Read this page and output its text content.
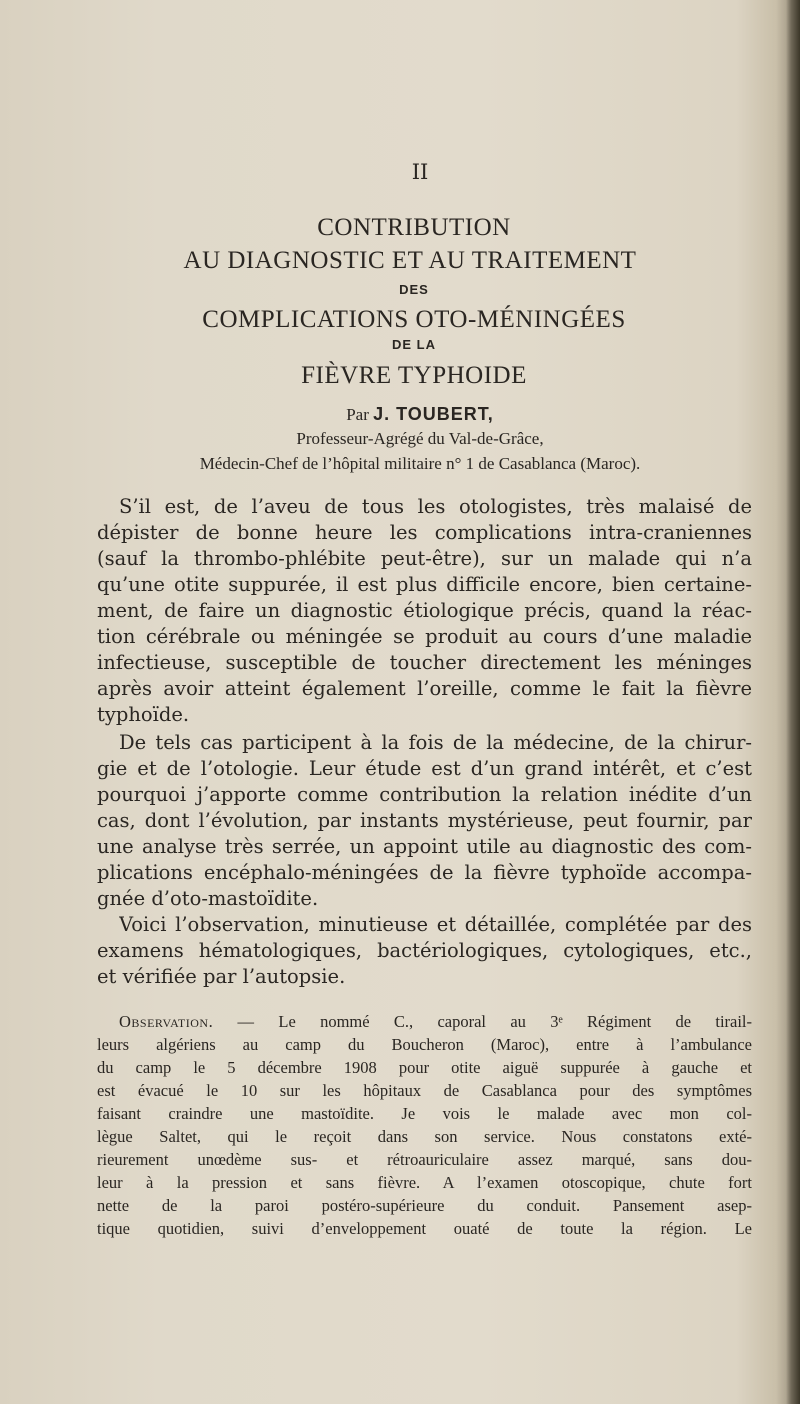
II
CONTRIBUTION
AU DIAGNOSTIC ET AU TRAITEMENT
DES
COMPLICATIONS OTO-MÉNINGÉES
DE LA
FIÈVRE TYPHOIDE
Par J. TOUBERT,
Professeur-Agrégé du Val-de-Grâce,
Médecin-Chef de l’hôpital militaire n° 1 de Casablanca (Maroc).
S’il est, de l’aveu de tous les otologistes, très malaisé de
dépister de bonne heure les complications intra-craniennes
(sauf la thrombo-phlébite peut-être), sur un malade qui n’a
qu’une otite suppurée, il est plus difficile encore, bien certaine-
ment, de faire un diagnostic étiologique précis, quand la réac-
tion cérébrale ou méningée se produit au cours d’une maladie
infectieuse, susceptible de toucher directement les méninges
après avoir atteint également l’oreille, comme le fait la fièvre
typhoïde.
De tels cas participent à la fois de la médecine, de la chirur-
gie et de l’otologie. Leur étude est d’un grand intérêt, et c’est
pourquoi j’apporte comme contribution la relation inédite d’un
cas, dont l’évolution, par instants mystérieuse, peut fournir, par
une analyse très serrée, un appoint utile au diagnostic des com-
plications encéphalo-méningées de la fièvre typhoïde accompa-
gnée d’oto-mastoïdite.
Voici l’observation, minutieuse et détaillée, complétée par des
examens hématologiques, bactériologiques, cytologiques, etc.,
et vérifiée par l’autopsie.
Observation. — Le nommé C., caporal au 3ᵉ Régiment de tirail-
leurs algériens au camp du Boucheron (Maroc), entre à l’ambulance
du camp le 5 décembre 1908 pour otite aiguë suppurée à gauche et
est évacué le 10 sur les hôpitaux de Casablanca pour des symptômes
faisant craindre une mastoïdite. Je vois le malade avec mon col-
lègue Saltet, qui le reçoit dans son service. Nous constatons exté-
rieurement unœdème sus- et rétroauriculaire assez marqué, sans dou-
leur à la pression et sans fièvre. A l’examen otoscopique, chute fort
nette de la paroi postéro-supérieure du conduit. Pansement asep-
tique quotidien, suivi d’enveloppement ouaté de toute la région. Le
